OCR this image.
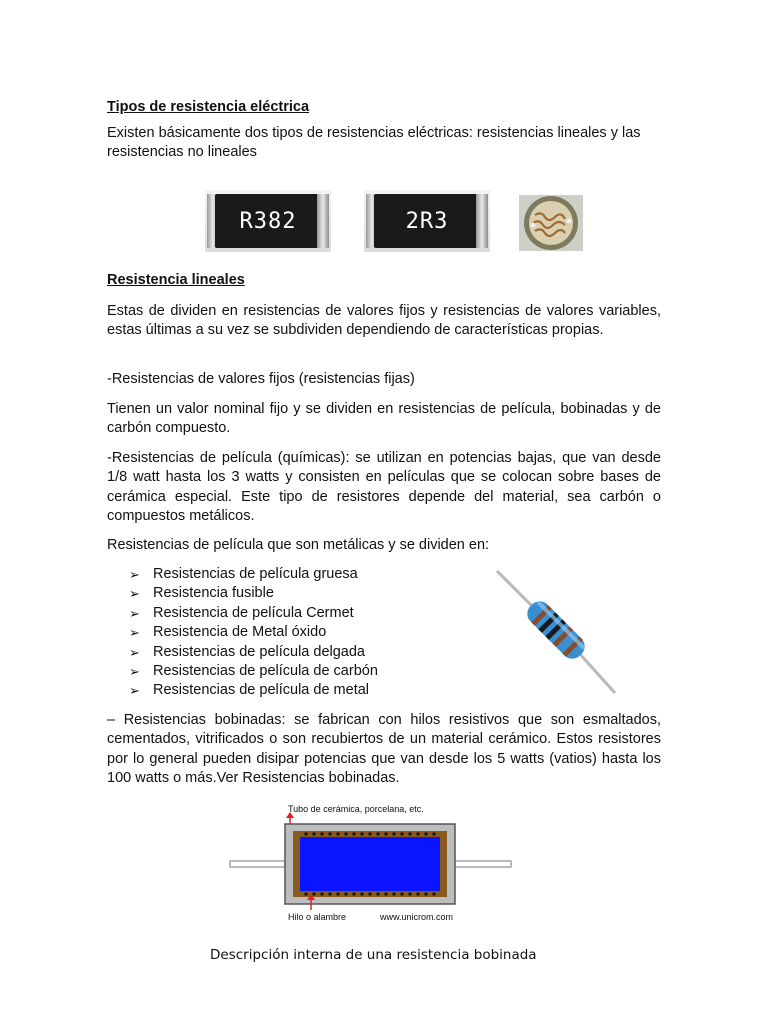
Tipos de resistencia eléctrica

Existen básicamente dos tipos de resistencias eléctricas: resistencias lineales y las resistencias no lineales

Resistencia lineales

Estas de dividen en resistencias de valores fijos y resistencias de valores variables, estas últimas a su vez se subdividen dependiendo de características propias.

-Resistencias de valores fijos (resistencias fijas)

Tienen un valor nominal fijo y se dividen en resistencias de película, bobinadas y de carbón compuesto.

-Resistencias de película (químicas): se utilizan en potencias bajas, que van desde 1/8 watt hasta los 3 watts y consisten en películas que se colocan sobre bases de cerámica especial. Este tipo de resistores depende del material, sea carbón o compuestos metálicos.

Resistencias de película que son metálicas y se dividen en:

➢ Resistencias de película gruesa
➢ Resistencia fusible
➢ Resistencia de película Cermet
➢ Resistencia de Metal óxido
➢ Resistencias de película delgada
➢ Resistencias de película de carbón
➢ Resistencias de película de metal

– Resistencias bobinadas: se fabrican con hilos resistivos que son esmaltados, cementados, vitrificados o son recubiertos de un material cerámico. Estos resistores por lo general pueden disipar potencias que van desde los 5 watts (vatios) hasta los 100 watts o más.Ver Resistencias bobinadas.

R382	2R3
Tubo de cerámica, porcelana, etc.
Hilo o alambre	www.unicrom.com
Descripción interna de una resistencia bobinada
